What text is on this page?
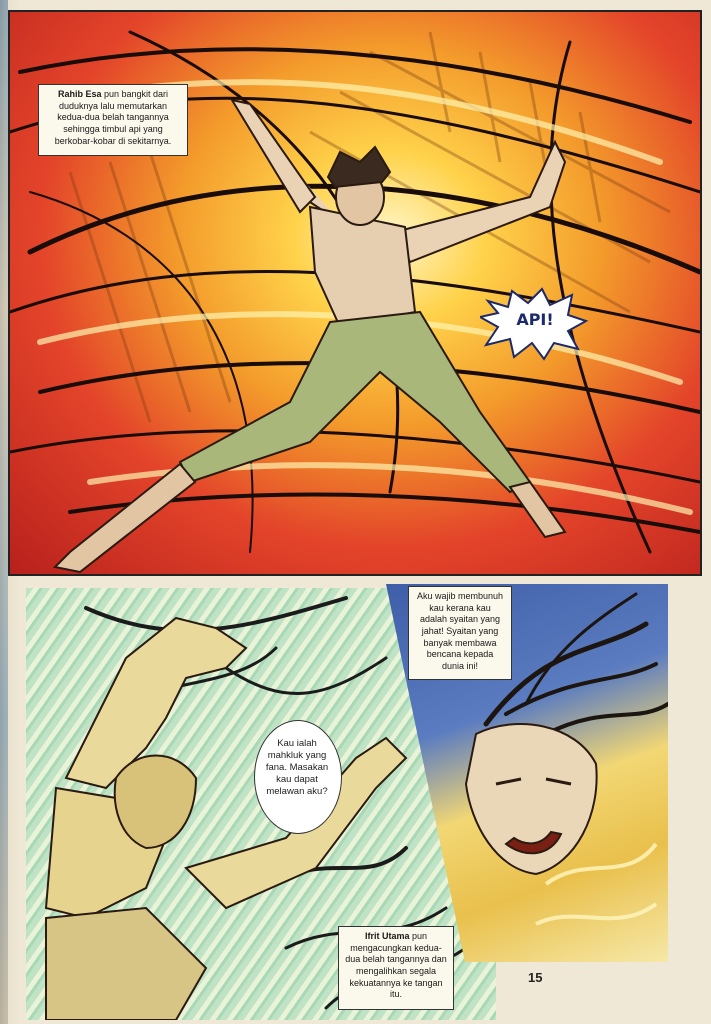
Rahib Esa pun bangkit dari duduknya lalu memutarkan kedua-dua belah tangannya sehingga timbul api yang berkobar-kobar di sekitarnya.
API!
Kau ialah mahkluk yang fana. Masakan kau dapat melawan aku?
Ifrit Utama pun mengacungkan kedua-dua belah tangannya dan mengalihkan segala kekuatannya ke tangan itu.
Aku wajib membunuh kau kerana kau adalah syaitan yang jahat! Syaitan yang banyak membawa bencana kepada dunia ini!
15
